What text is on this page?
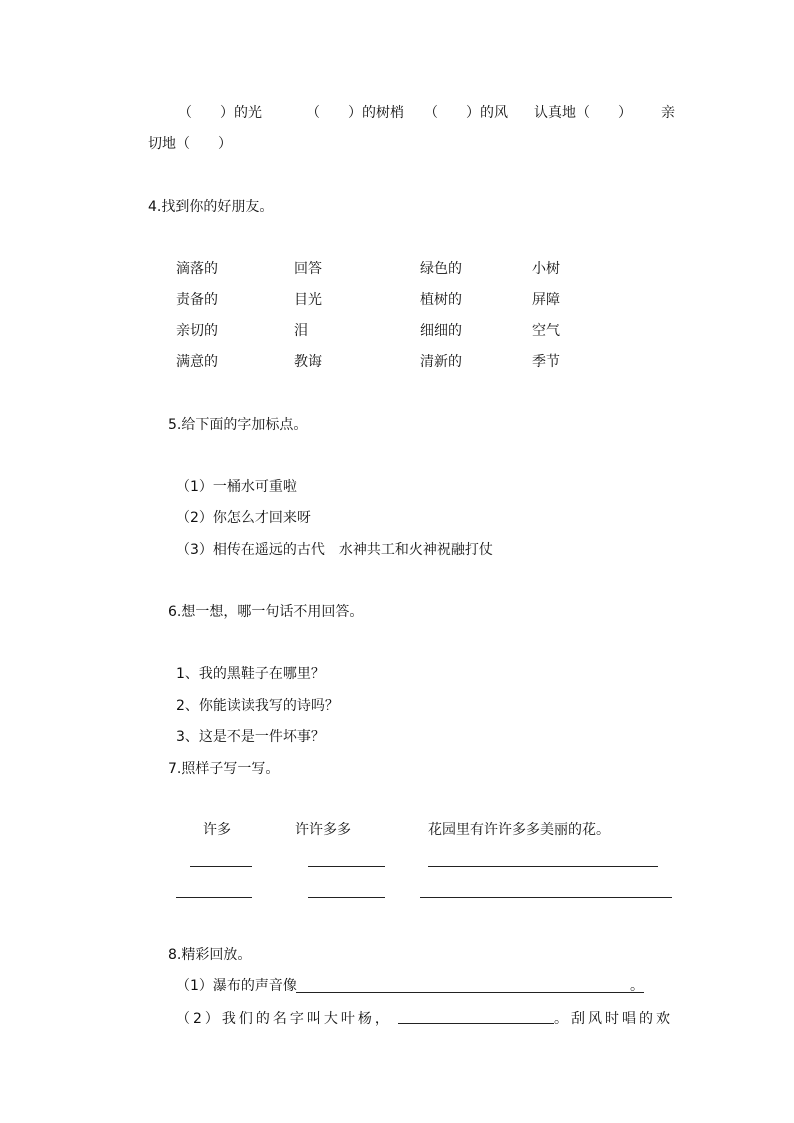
（　　）的光	（　　）的树梢 （　　）的风 认真地（　　） 亲
切地（　　）
4.找到你的好朋友。
滴落的	回答	绿色的	小树
责备的	目光	植树的	屏障
亲切的	泪	细细的	空气
满意的	教诲	清新的	季节
5.给下面的字加标点。
（1）一桶水可重啦
（2）你怎么才回来呀
（3）相传在遥远的古代　水神共工和火神祝融打仗
6.想一想，哪一句话不用回答。
1、我的黑鞋子在哪里？
2、你能读读我写的诗吗？
3、这是不是一件坏事？
7.照样子写一写。
许多	许许多多	花园里有许许多多美丽的花。
8.精彩回放。
（1）瀑布的声音像	。
（2）我们的名字叫大叶杨，	。刮风时唱的欢
